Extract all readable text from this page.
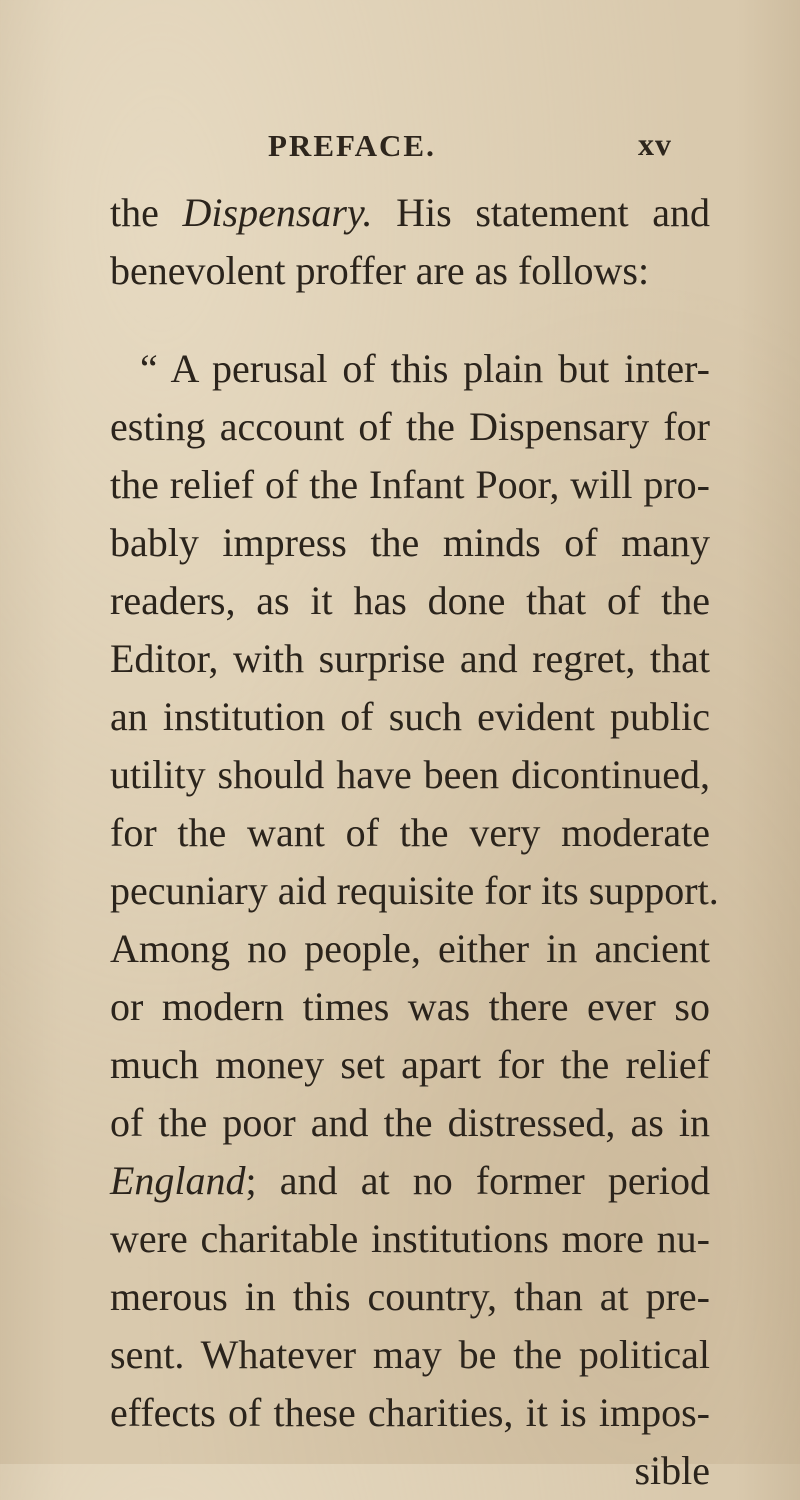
PREFACE.	xv
the Dispensary. His statement and
benevolent proffer are as follows:
“ A perusal of this plain but inter-
esting account of the Dispensary for
the relief of the Infant Poor, will pro-
bably impress the minds of many
readers, as it has done that of the
Editor, with surprise and regret, that
an institution of such evident public
utility should have been dicontinued,
for the want of the very moderate
pecuniary aid requisite for its support.
Among no people, either in ancient
or modern times was there ever so
much money set apart for the relief
of the poor and the distressed, as in
England; and at no former period
were charitable institutions more nu-
merous in this country, than at pre-
sent. Whatever may be the political
effects of these charities, it is impos-
sible
